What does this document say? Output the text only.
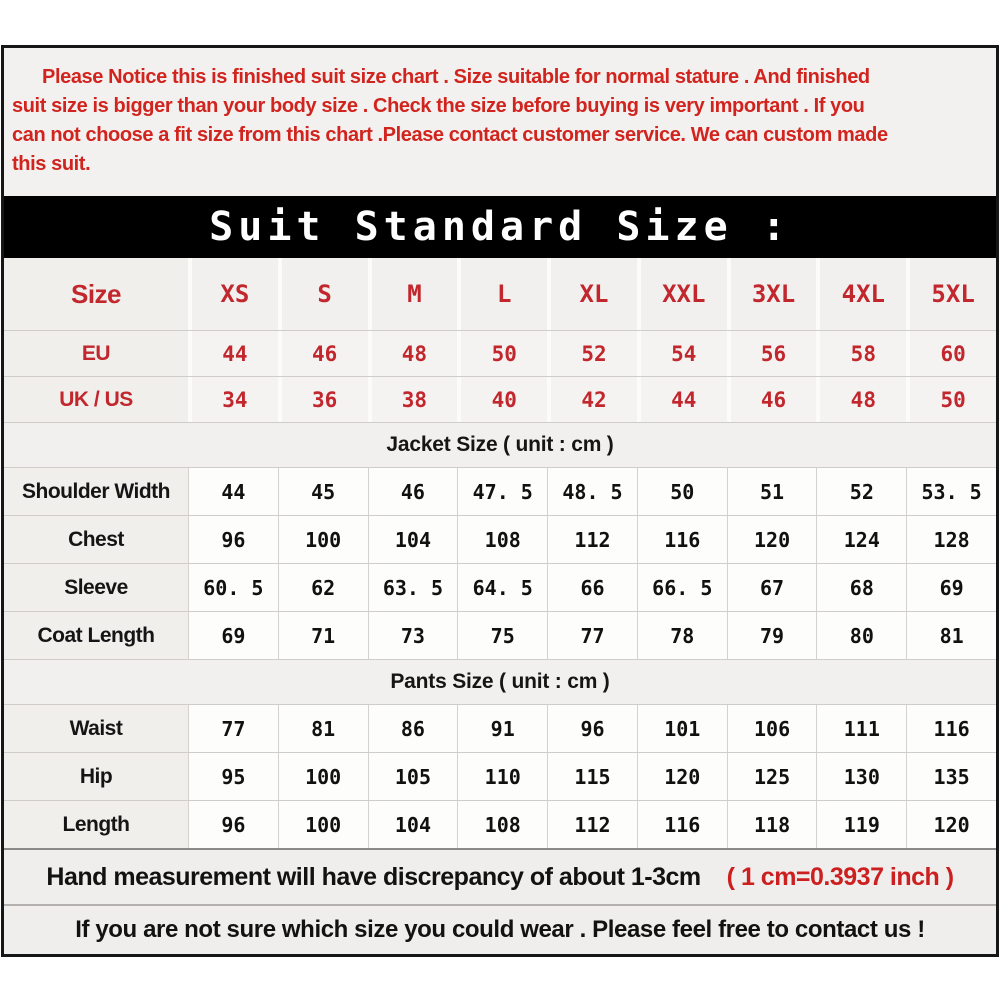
Please Notice this is finished suit size chart . Size suitable for normal stature . And finished
suit size is bigger than your body size . Check the size before buying is very important . If you
can not choose a fit size from this chart .Please contact customer service. We can custom made
this suit.
Suit Standard Size :
Size	XS	S	M	L	XL	XXL	3XL	4XL	5XL
EU	44	46	48	50	52	54	56	58	60
UK / US	34	36	38	40	42	44	46	48	50
Jacket Size ( unit : cm )
Shoulder Width	44	45	46	47. 5	48. 5	50	51	52	53. 5
Chest	96	100	104	108	112	116	120	124	128
Sleeve	60. 5	62	63. 5	64. 5	66	66. 5	67	68	69
Coat Length	69	71	73	75	77	78	79	80	81
Pants Size ( unit : cm )
Waist	77	81	86	91	96	101	106	111	116
Hip	95	100	105	110	115	120	125	130	135
Length	96	100	104	108	112	116	118	119	120
Hand measurement will have discrepancy of about 1-3cm ( 1 cm=0.3937 inch )
If you are not sure which size you could wear . Please feel free to contact us !
